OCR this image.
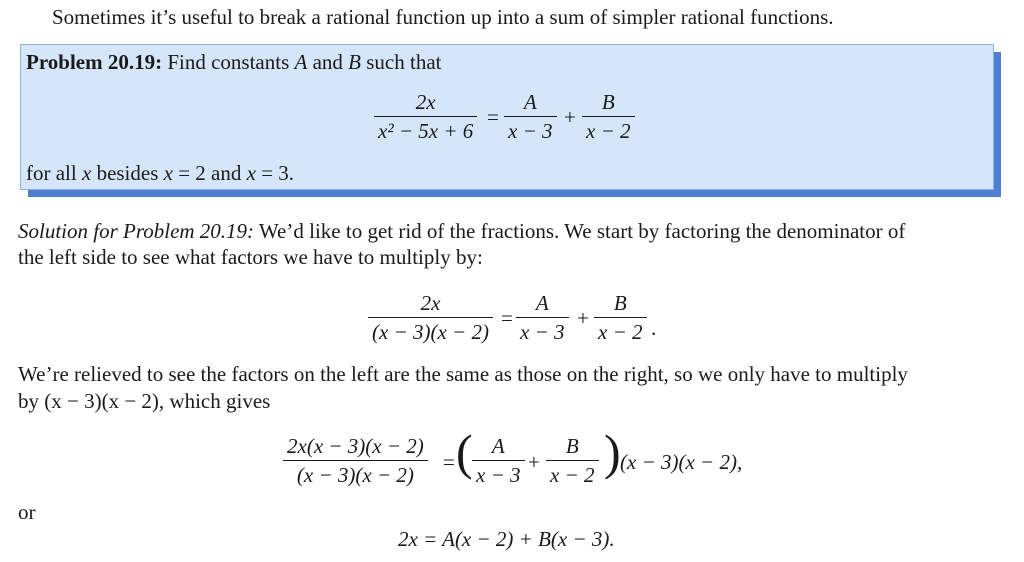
Sometimes it’s useful to break a rational function up into a sum of simpler rational functions.
Problem 20.19: Find constants A and B such that
2x
x² − 5x + 6
=
A
x − 3
+
B
x − 2
for all x besides x = 2 and x = 3.
Solution for Problem 20.19: We’d like to get rid of the fractions. We start by factoring the denominator of
the left side to see what factors we have to multiply by:
2x
(x − 3)(x − 2)
=
A
x − 3
+
B
x − 2 .
We’re relieved to see the factors on the left are the same as those on the right, so we only have to multiply
by (x − 3)(x − 2), which gives
2x(x − 3)(x − 2)
(x − 3)(x − 2)
= ( A
x − 3
+
B
x − 2 ) (x − 3)(x − 2),
or
2x = A(x − 2) + B(x − 3).
